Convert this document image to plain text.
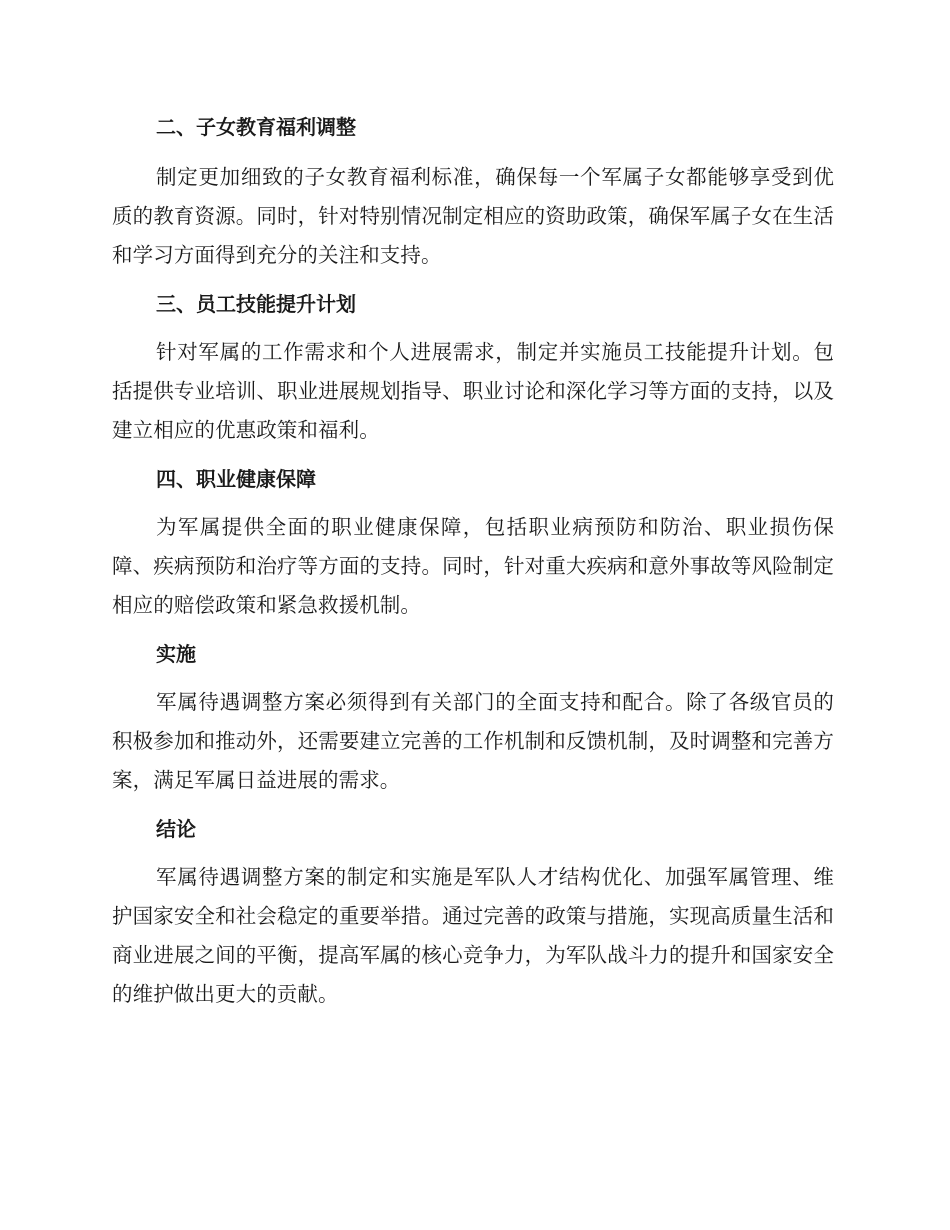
二、子女教育福利调整

制定更加细致的子女教育福利标准，确保每一个军属子女都能够享受到优质的教育资源。同时，针对特别情况制定相应的资助政策，确保军属子女在生活和学习方面得到充分的关注和支持。

三、员工技能提升计划

针对军属的工作需求和个人进展需求，制定并实施员工技能提升计划。包括提供专业培训、职业进展规划指导、职业讨论和深化学习等方面的支持，以及建立相应的优惠政策和福利。

四、职业健康保障

为军属提供全面的职业健康保障，包括职业病预防和防治、职业损伤保障、疾病预防和治疗等方面的支持。同时，针对重大疾病和意外事故等风险制定相应的赔偿政策和紧急救援机制。

实施

军属待遇调整方案必须得到有关部门的全面支持和配合。除了各级官员的积极参加和推动外，还需要建立完善的工作机制和反馈机制，及时调整和完善方案，满足军属日益进展的需求。

结论

军属待遇调整方案的制定和实施是军队人才结构优化、加强军属管理、维护国家安全和社会稳定的重要举措。通过完善的政策与措施，实现高质量生活和商业进展之间的平衡，提高军属的核心竞争力，为军队战斗力的提升和国家安全的维护做出更大的贡献。
